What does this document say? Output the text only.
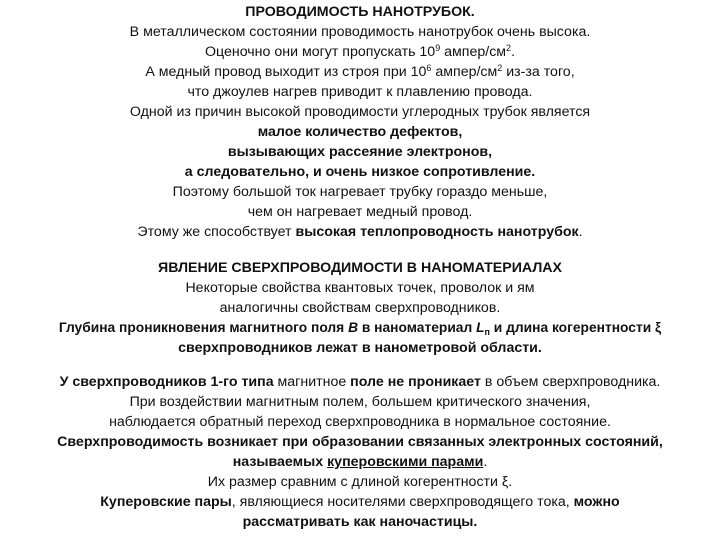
ПРОВОДИМОСТЬ НАНОТРУБОК.
В металлическом состоянии проводимость нанотрубок очень высока.
Оценочно они могут пропускать $10^9$ ампер/$см^2$.
А медный провод выходит из строя при $10^6$ ампер/$см^2$ из-за того,
что джоулев нагрев приводит к плавлению провода.
Одной из причин высокой проводимости углеродных трубок является
малое количество дефектов,
вызывающих рассеяние электронов,
а следовательно, и очень низкое сопротивление.
Поэтому большой ток нагревает трубку гораздо меньше,
чем он нагревает медный провод.
Этому же способствует высокая теплопроводность нанотрубок.
ЯВЛЕНИЕ СВЕРХПРОВОДИМОСТИ В НАНОМАТЕРИАЛАХ
Некоторые свойства квантовых точек, проволок и ям
аналогичны свойствам сверхпроводников.
Глубина проникновения магнитного поля B в наноматериал $L_п$ и длина когерентности ξ
сверхпроводников лежат в нанометровой области.
У сверхпроводников 1-го типа магнитное поле не проникает в объем сверхпроводника.
При воздействии магнитным полем, большем критического значения,
наблюдается обратный переход сверхпроводника в нормальное состояние.
Сверхпроводимость возникает при образовании связанных электронных состояний,
называемых куперовскими парами.
Их размер сравним с длиной когерентности ξ.
Куперовские пары, являющиеся носителями сверхпроводящего тока, можно
рассматривать как наночастицы.
